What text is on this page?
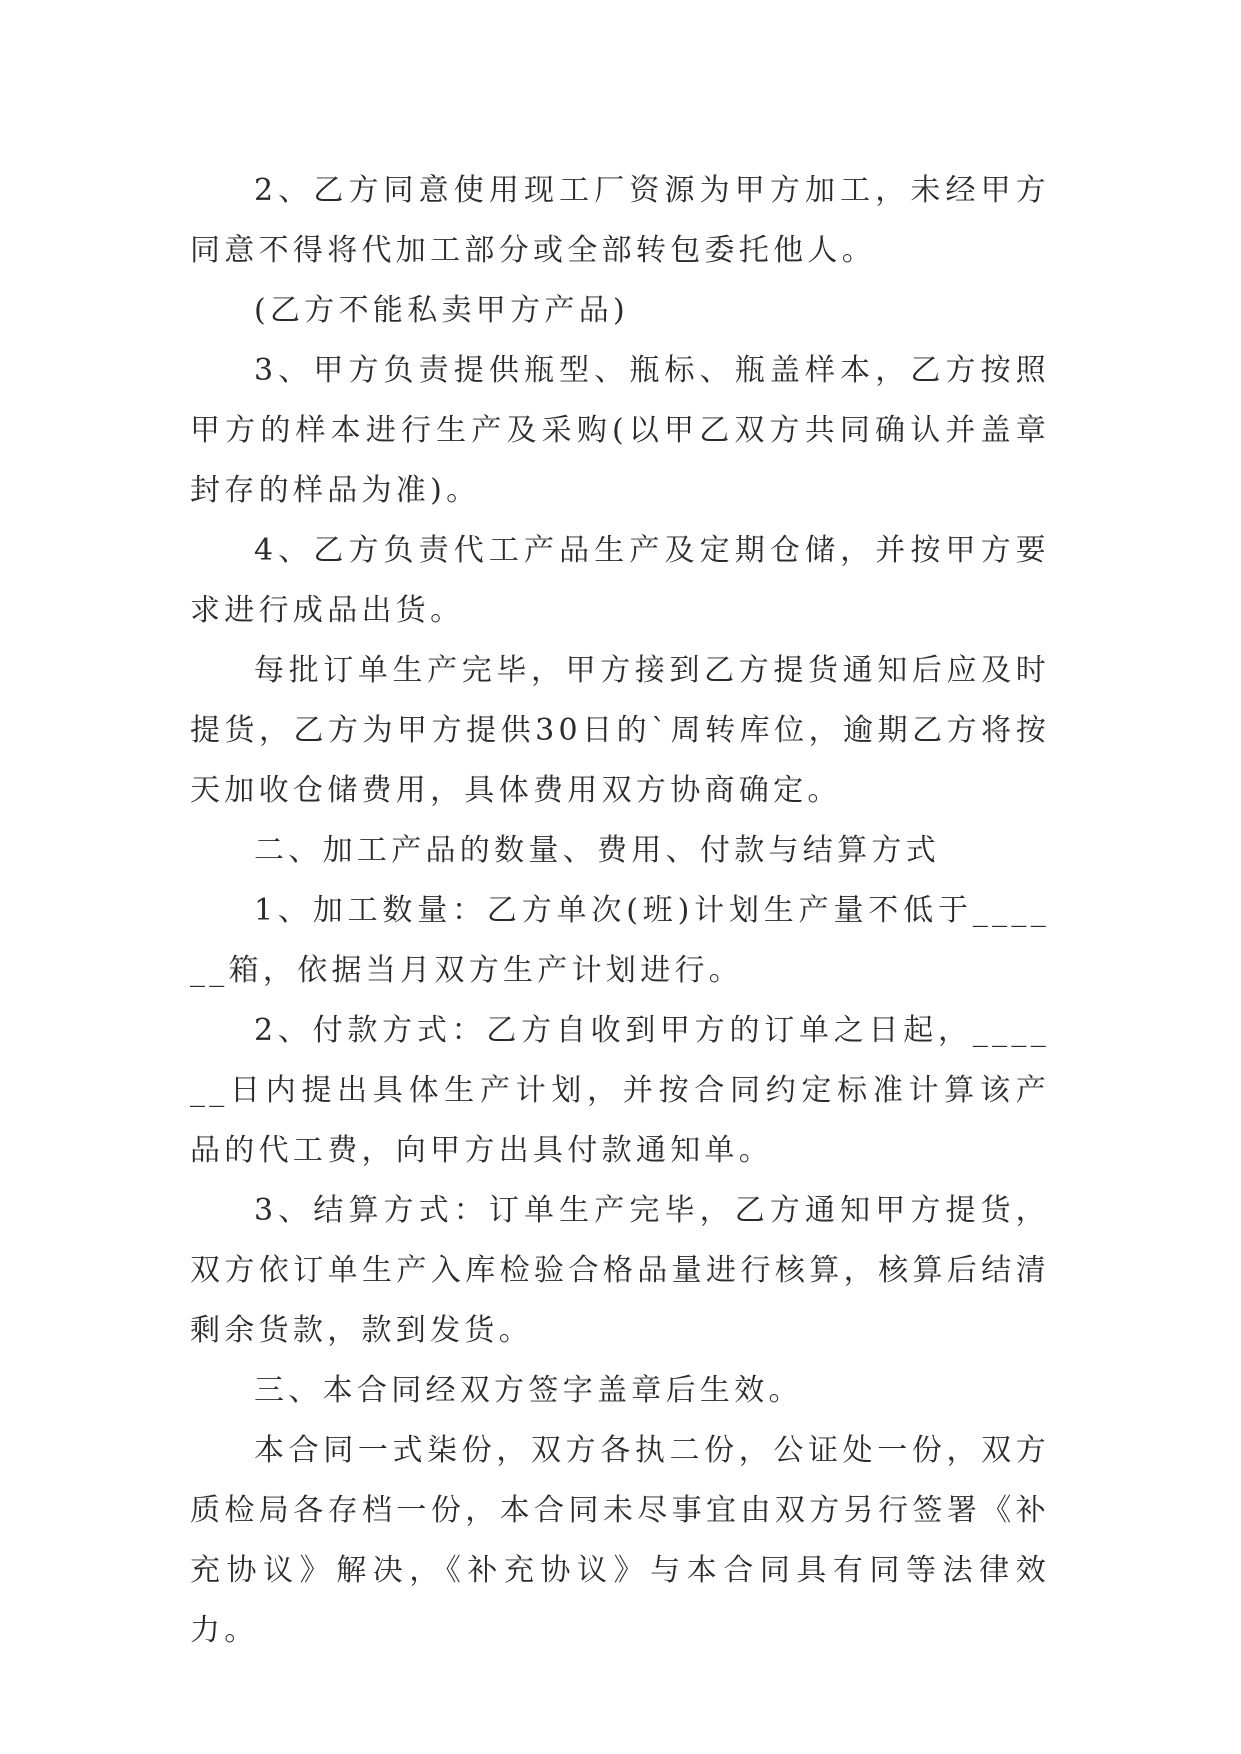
2、乙方同意使用现工厂资源为甲方加工，未经甲方同意不得将代加工部分或全部转包委托他人。

(乙方不能私卖甲方产品)

3、甲方负责提供瓶型、瓶标、瓶盖样本，乙方按照甲方的样本进行生产及采购(以甲乙双方共同确认并盖章封存的样品为准)。

4、乙方负责代工产品生产及定期仓储，并按甲方要求进行成品出货。

每批订单生产完毕，甲方接到乙方提货通知后应及时提货，乙方为甲方提供30日的`周转库位，逾期乙方将按天加收仓储费用，具体费用双方协商确定。

二、加工产品的数量、费用、付款与结算方式

1、加工数量：乙方单次(班)计划生产量不低于______箱，依据当月双方生产计划进行。

2、付款方式：乙方自收到甲方的订单之日起，______日内提出具体生产计划，并按合同约定标准计算该产品的代工费，向甲方出具付款通知单。

3、结算方式：订单生产完毕，乙方通知甲方提货，双方依订单生产入库检验合格品量进行核算，核算后结清剩余货款，款到发货。

三、本合同经双方签字盖章后生效。

本合同一式柒份，双方各执二份，公证处一份，双方质检局各存档一份，本合同未尽事宜由双方另行签署《补充协议》解决，《补充协议》与本合同具有同等法律效力。
